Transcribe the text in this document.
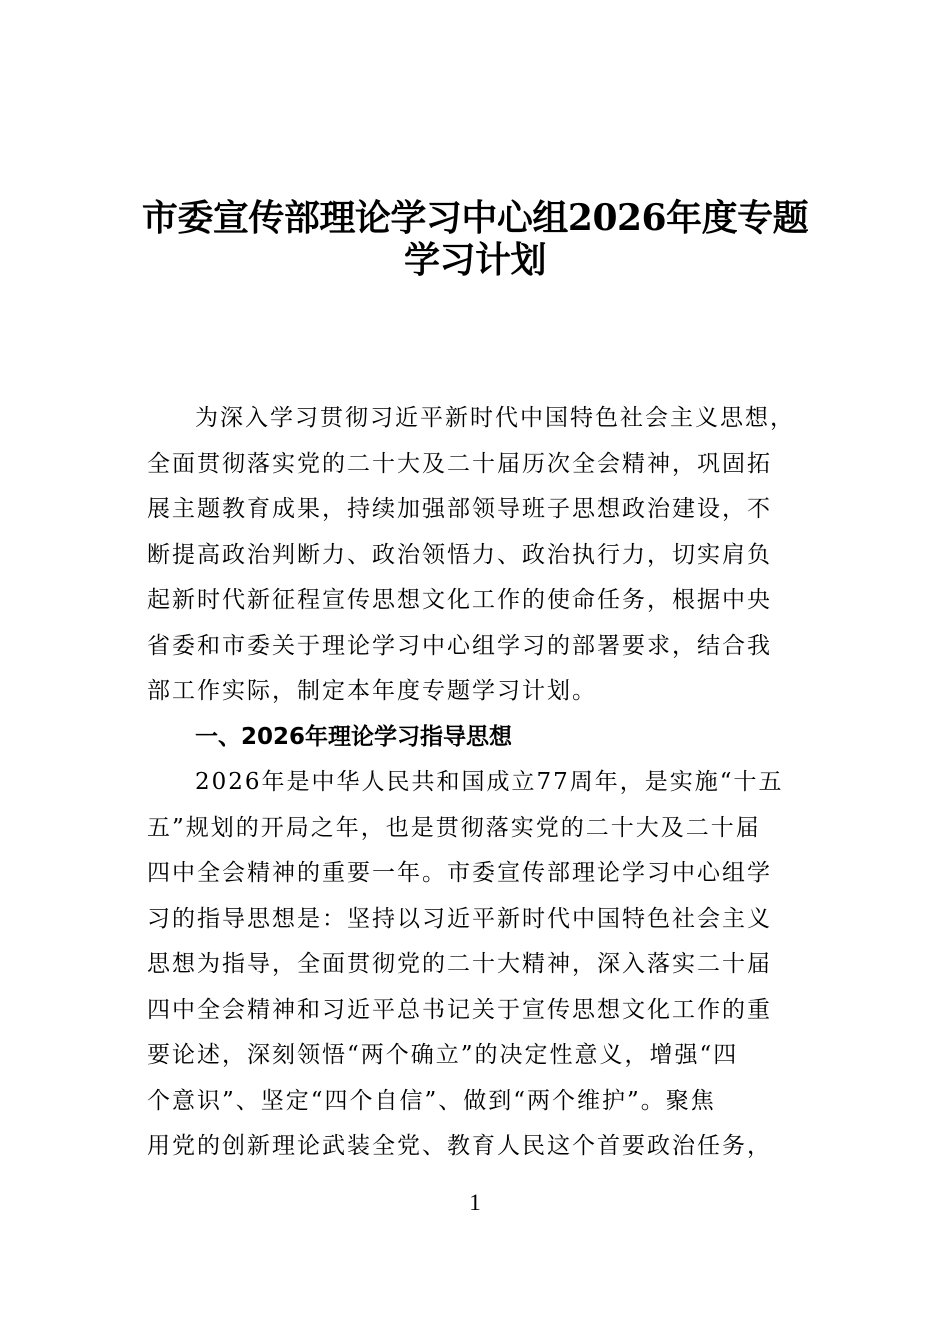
市委宣传部理论学习中心组2026年度专题
学习计划
为深入学习贯彻习近平新时代中国特色社会主义思想，
全面贯彻落实党的二十大及二十届历次全会精神，巩固拓
展主题教育成果，持续加强部领导班子思想政治建设，不
断提高政治判断力、政治领悟力、政治执行力，切实肩负
起新时代新征程宣传思想文化工作的使命任务，根据中央
省委和市委关于理论学习中心组学习的部署要求，结合我
部工作实际，制定本年度专题学习计划。
一、2026年理论学习指导思想
2026年是中华人民共和国成立77周年，是实施“十五
五”规划的开局之年，也是贯彻落实党的二十大及二十届
四中全会精神的重要一年。市委宣传部理论学习中心组学
习的指导思想是：坚持以习近平新时代中国特色社会主义
思想为指导，全面贯彻党的二十大精神，深入落实二十届
四中全会精神和习近平总书记关于宣传思想文化工作的重
要论述，深刻领悟“两个确立”的决定性意义，增强“四
个意识”、坚定“四个自信”、做到“两个维护”。聚焦
用党的创新理论武装全党、教育人民这个首要政治任务，
1
